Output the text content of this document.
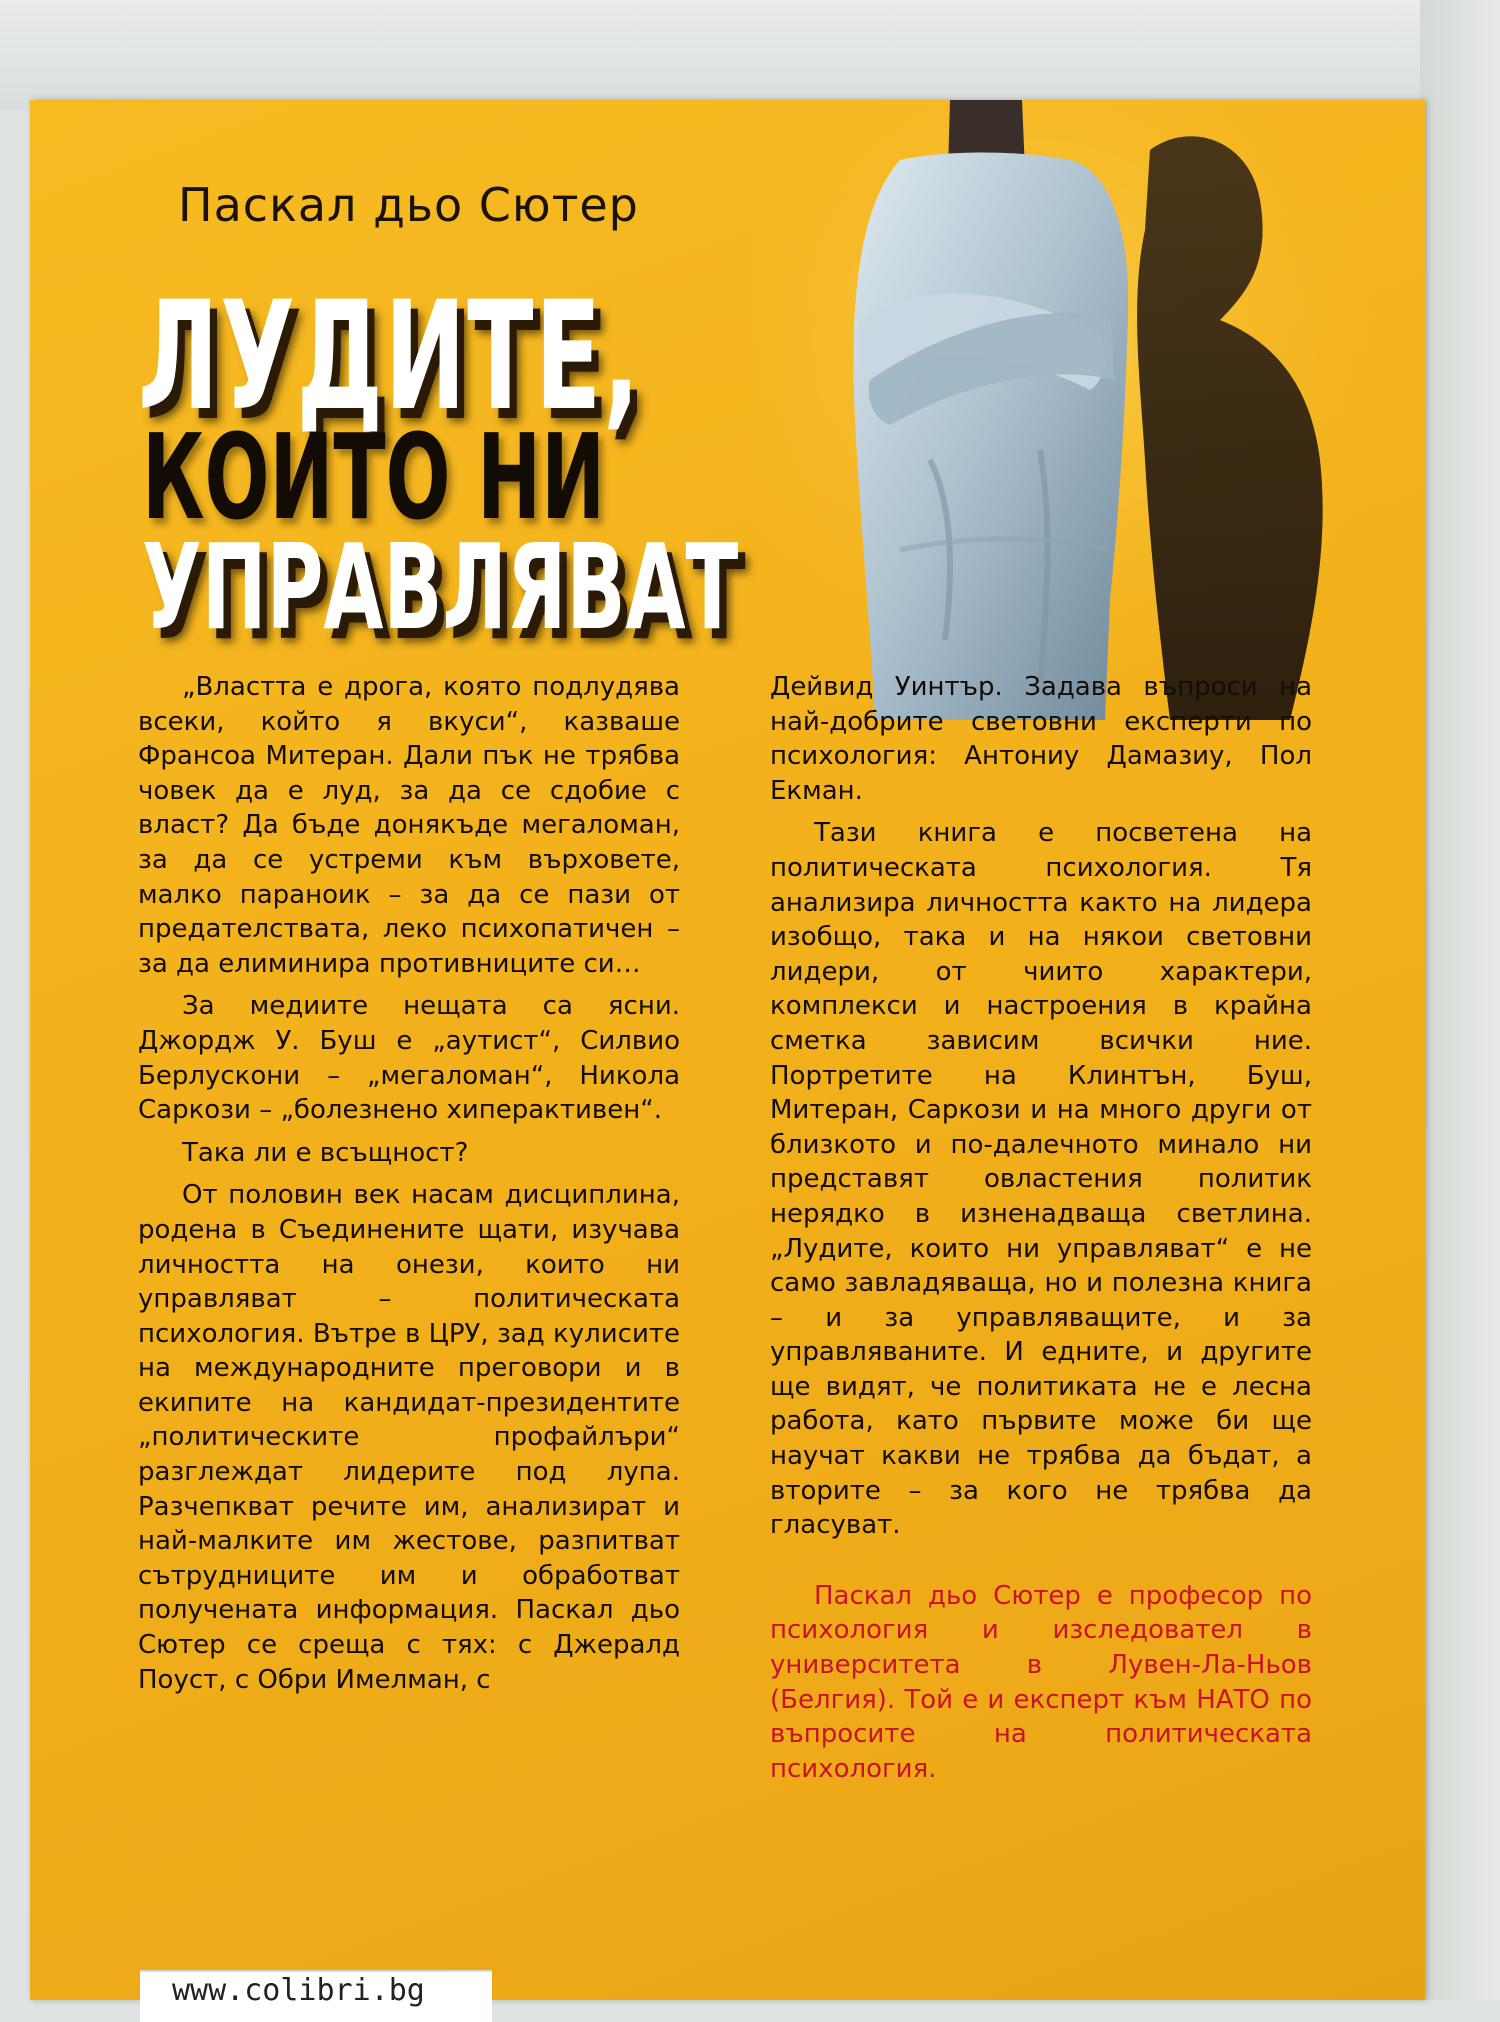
Паскал дьо Сютер
ЛУДИТЕ,
КОИТО НИ
УПРАВЛЯВАТ

„Властта е дрога, която подлудява всеки, който я вкуси“, казваше Франсоа Митеран. Дали пък не трябва човек да е луд, за да се сдобие с власт? Да бъде донякъде мегаломан, за да се устреми към върховете, малко параноик – за да се пази от предателствата, леко психопатичен – за да елиминира противниците си…

За медиите нещата са ясни. Джордж У. Буш е „аутист“, Силвио Берлускони – „мегаломан“, Никола Саркози – „болезнено хиперактивен“.

Така ли е всъщност?

От половин век насам дисциплина, родена в Съединените щати, изучава личността на онези, които ни управляват – политическата психология. Вътре в ЦРУ, зад кулисите на международните преговори и в екипите на кандидат-президентите „политическите профайлъри“ разглеждат лидерите под лупа. Разчепкват речите им, анализират и най-малките им жестове, разпитват сътрудниците им и обработват получената информация. Паскал дьо Сютер се среща с тях: с Джералд Поуст, с Обри Имелман, с

Дейвид Уинтър. Задава въпроси на най-добрите световни експерти по психология: Антониу Дамазиу, Пол Екман.

Тази книга е посветена на политическата психология. Тя анализира личността както на лидера изобщо, така и на някои световни лидери, от чиито характери, комплекси и настроения в крайна сметка зависим всички ние. Портретите на Клинтън, Буш, Митеран, Саркози и на много други от близкото и по-далечното минало ни представят овластения политик нерядко в изненадваща светлина. „Лудите, които ни управляват“ е не само завладяваща, но и полезна книга – и за управляващите, и за управляваните. И едните, и другите ще видят, че политиката не е лесна работа, като първите може би ще научат какви не трябва да бъдат, а вторите – за кого не трябва да гласуват.

Паскал дьо Сютер е професор по психология и изследовател в университета в Лувен-Ла-Ньов (Белгия). Той е и експерт към НАТО по въпросите на политическата психология.

www.colibri.bg
